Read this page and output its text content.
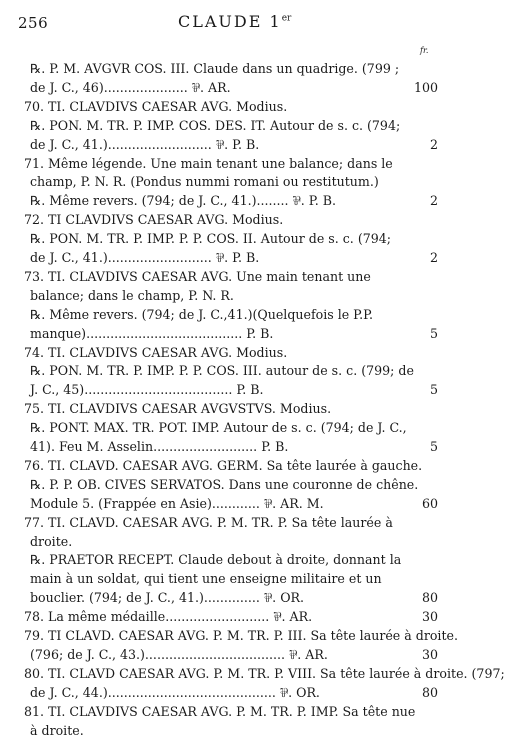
256	CLAUDE 1er
fr.
℞. P. M. AVGVR COS. III. Claude dans un quadrige. (799 ;
de J. C., 46)..................... ⅌. AR.	100
70. TI. CLAVDIVS CAESAR AVG. Modius.
℞. PON. M. TR. P. IMP. COS. DES. IT. Autour de s. c. (794;
de J. C., 41.).......................... ⅌. P. B.	2
71. Même légende. Une main tenant une balance; dans le
champ, P. N. R. (Pondus nummi romani ou restitutum.)
℞. Même revers. (794; de J. C., 41.)........ ⅌. P. B.	2
72. TI CLAVDIVS CAESAR AVG. Modius.
℞. PON. M. TR. P. IMP. P. P. COS. II. Autour de s. c. (794;
de J. C., 41.).......................... ⅌. P. B.	2
73. TI. CLAVDIVS CAESAR AVG. Une main tenant une
balance; dans le champ, P. N. R.
℞. Même revers. (794; de J. C.,41.)(Quelquefois le P.P.
manque)....................................... P. B.	5
74. TI. CLAVDIVS CAESAR AVG. Modius.
℞. PON. M. TR. P. IMP. P. P. COS. III. autour de s. c. (799; de
J. C., 45)..................................... P. B.	5
75. TI. CLAVDIVS CAESAR AVGVSTVS. Modius.
℞. PONT. MAX. TR. POT. IMP. Autour de s. c. (794; de J. C.,
41). Feu M. Asselin.......................... P. B.	5
76. TI. CLAVD. CAESAR AVG. GERM. Sa tête laurée à gauche.
℞. P. P. OB. CIVES SERVATOS. Dans une couronne de chêne.
Module 5. (Frappée en Asie)............ ⅌. AR. M.	60
77. TI. CLAVD. CAESAR AVG. P. M. TR. P. Sa tête laurée à
droite.
℞. PRAETOR RECEPT. Claude debout à droite, donnant la
main à un soldat, qui tient une enseigne militaire et un
bouclier. (794; de J. C., 41.).............. ⅌. OR.	80
78. La même médaille.......................... ⅌. AR.	30
79. TI CLAVD. CAESAR AVG. P. M. TR. P. III. Sa tête laurée à droite.
(796; de J. C., 43.)................................... ⅌. AR.	30
80. TI. CLAVD CAESAR AVG. P. M. TR. P. VIII. Sa tête laurée à droite. (797;
de J. C., 44.).......................................... ⅌. OR.	80
81. TI. CLAVDIVS CAESAR AVG. P. M. TR. P. IMP. Sa tête nue
à droite.
